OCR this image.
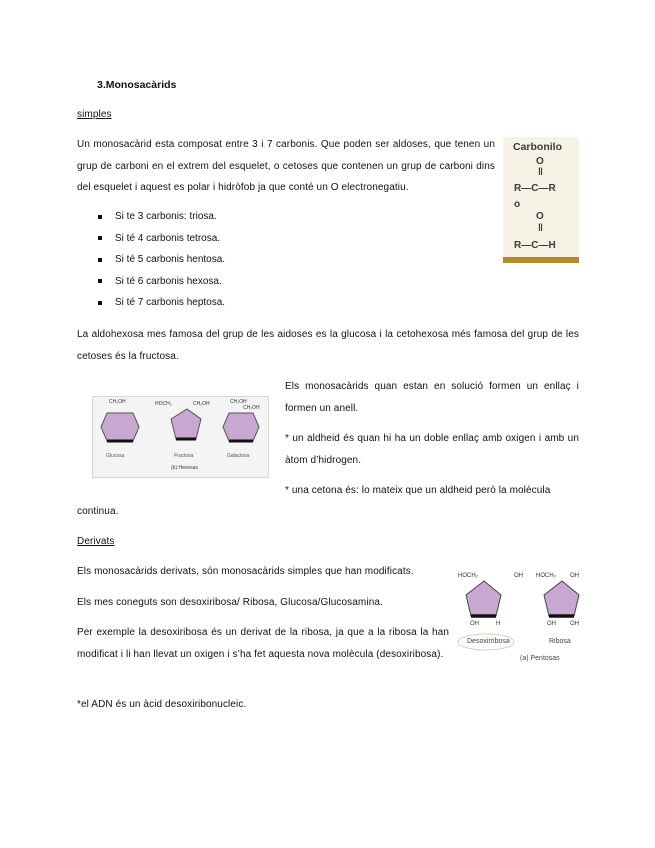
3.Monosacàrids
simples
Un monosacàrid esta composat entre 3 i 7 carbonis. Que poden ser aldoses, que tenen un grup de carboni en el extrem del esquelet, o cetoses que contenen un grup de carboni dins del esquelet i aquest es polar i hidròfob ja que conté un O electronegatiu.
Carbonilo
O
‖
R—C—R
o
O
‖
R—C—H
Si te 3 carbonis: triosa.
Si té 4 carbonis tetrosa.
Si té 5 carbonis hentosa.
Si té 6 carbonis hexosa.
Si té 7 carbonis heptosa.
La aldohexosa mes famosa del grup de les aidoses es la glucosa i la cetohexosa més famosa del grup de les cetoses és la fructosa.
CH₂OH	HOCH₂	CH₂OH	CH₂OH
CH₂OH
Glucosa	Fructosa	Galactosa
(b) Hexosas
Els monosacàrids quan estan en solució formen un enllaç i formen un anell.
* un aldheid és quan hi ha un doble enllaç amb oxigen i amb un àtom d’hidrogen.
* una cetona és: lo mateix que un aldheid però la molècula
continua.
Derivats
Els monosacàrids derivats, són monosacàrids simples que han modificats.
Els mes coneguts son desoxiribosa/ Ribosa, Glucosa/Glucosamina.
Per exemple la desoxiribosa és un derivat de la ribosa, ja que a la ribosa la han modificat i li han llevat un oxigen i s’ha fet aquesta nova molècula (desoxiribosa).
*el ADN és un àcid desoxiribonucleic.
HOCH₂	OH HOCH₂ OH
OH	H	OH OH
Desoxirribosa	Ribosa
(a) Pentosas
